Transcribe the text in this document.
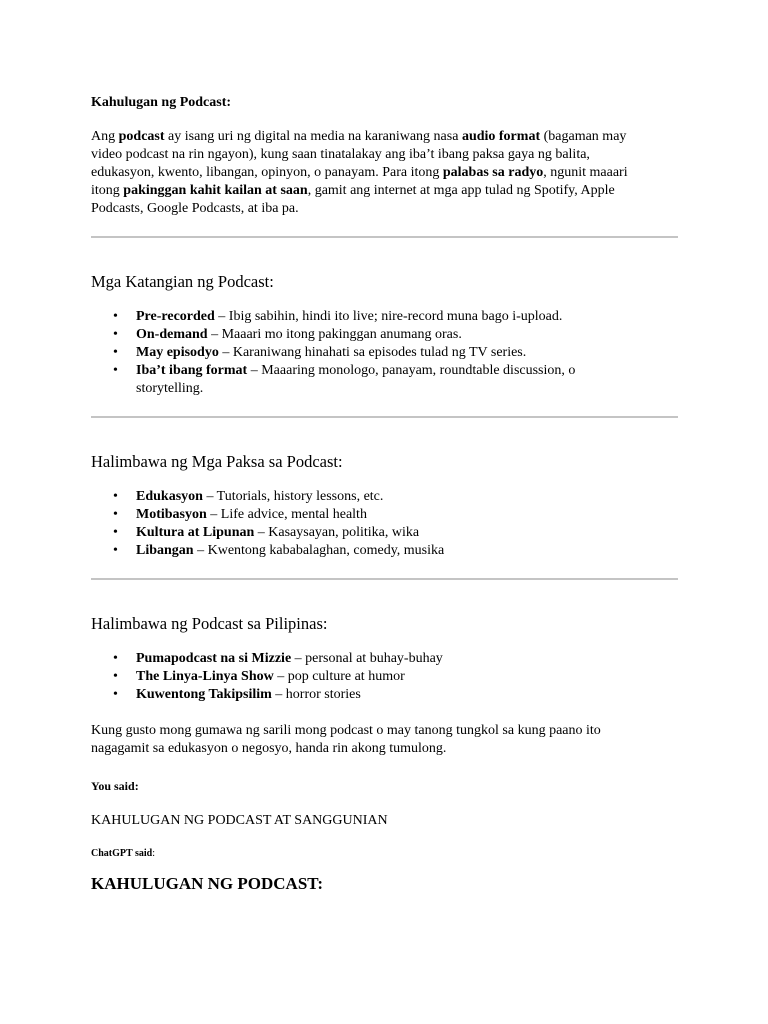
Kahulugan ng Podcast:

Ang podcast ay isang uri ng digital na media na karaniwang nasa audio format (bagaman may
video podcast na rin ngayon), kung saan tinatalakay ang iba’t ibang paksa gaya ng balita,
edukasyon, kwento, libangan, opinyon, o panayam. Para itong palabas sa radyo, ngunit maaari
itong pakinggan kahit kailan at saan, gamit ang internet at mga app tulad ng Spotify, Apple
Podcasts, Google Podcasts, at iba pa.

Mga Katangian ng Podcast:
• Pre-recorded – Ibig sabihin, hindi ito live; nire-record muna bago i-upload.
• On-demand – Maaari mo itong pakinggan anumang oras.
• May episodyo – Karaniwang hinahati sa episodes tulad ng TV series.
• Iba’t ibang format – Maaaring monologo, panayam, roundtable discussion, o
storytelling.
Halimbawa ng Mga Paksa sa Podcast:
• Edukasyon – Tutorials, history lessons, etc.
• Motibasyon – Life advice, mental health
• Kultura at Lipunan – Kasaysayan, politika, wika
• Libangan – Kwentong kababalaghan, comedy, musika
Halimbawa ng Podcast sa Pilipinas:
• Pumapodcast na si Mizzie – personal at buhay-buhay
• The Linya-Linya Show – pop culture at humor
• Kuwentong Takipsilim – horror stories

Kung gusto mong gumawa ng sarili mong podcast o may tanong tungkol sa kung paano ito
nagagamit sa edukasyon o negosyo, handa rin akong tumulong.

You said:

KAHULUGAN NG PODCAST AT SANGGUNIAN

ChatGPT said:

KAHULUGAN NG PODCAST:
